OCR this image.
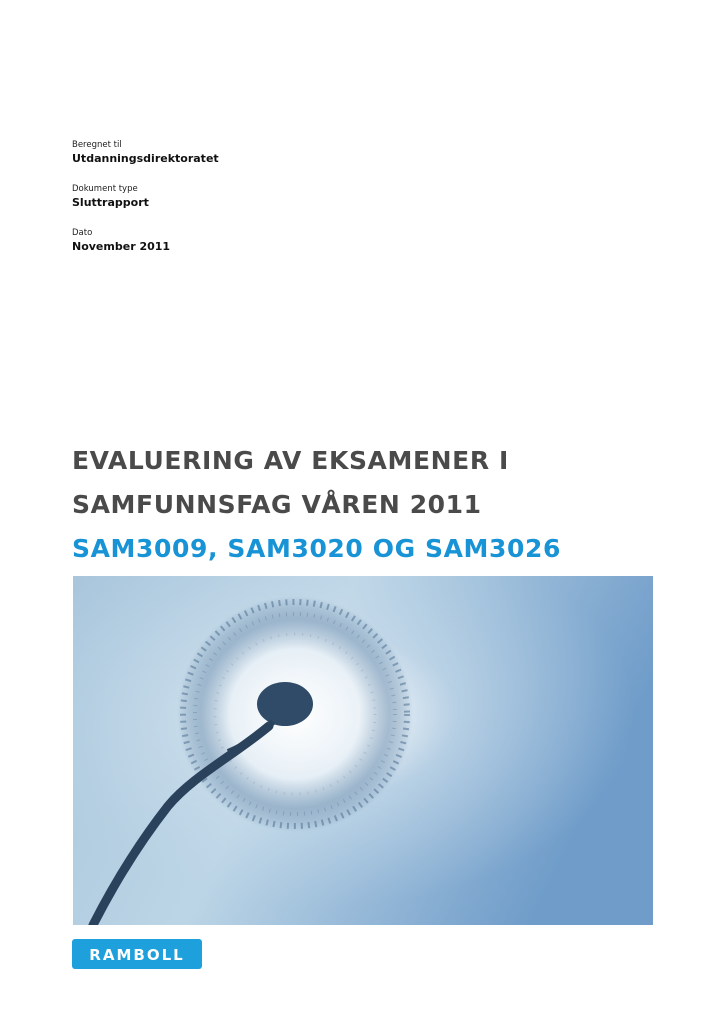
Beregnet til
Utdanningsdirektoratet
Dokument type
Sluttrapport
Dato
November 2011
EVALUERING AV EKSAMENER I
SAMFUNNSFAG VÅREN 2011
SAM3009, SAM3020 OG SAM3026
RAMBOLL
